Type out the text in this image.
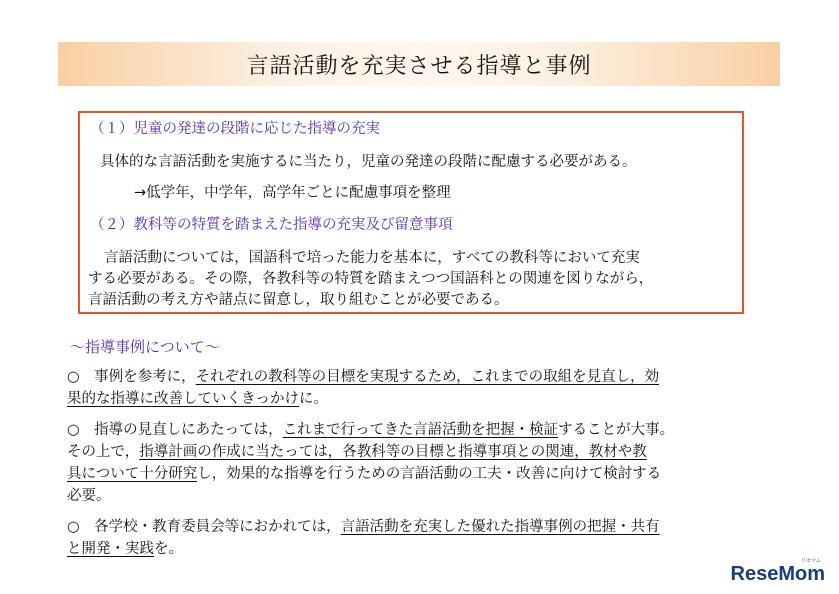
言語活動を充実させる指導と事例
（１）児童の発達の段階に応じた指導の充実
具体的な言語活動を実施するに当たり，児童の発達の段階に配慮する必要がある。
→低学年，中学年，高学年ごとに配慮事項を整理
（２）教科等の特質を踏まえた指導の充実及び留意事項
言語活動については，国語科で培った能力を基本に，すべての教科等において充実
する必要がある。その際，各教科等の特質を踏まえつつ国語科との関連を図りながら，
言語活動の考え方や諸点に留意し，取り組むことが必要である。
～指導事例について～
○　事例を参考に，それぞれの教科等の目標を実現するため，これまでの取組を見直し，効
果的な指導に改善していくきっかけに。
○　指導の見直しにあたっては，これまで行ってきた言語活動を把握・検証することが大事。
その上で，指導計画の作成に当たっては，各教科等の目標と指導事項との関連，教材や教
具について十分研究し，効果的な指導を行うための言語活動の工夫・改善に向けて検討する
必要。
○　各学校・教育委員会等におかれては，言語活動を充実した優れた指導事例の把握・共有
と開発・実践を。
リセマム
ReseMom
